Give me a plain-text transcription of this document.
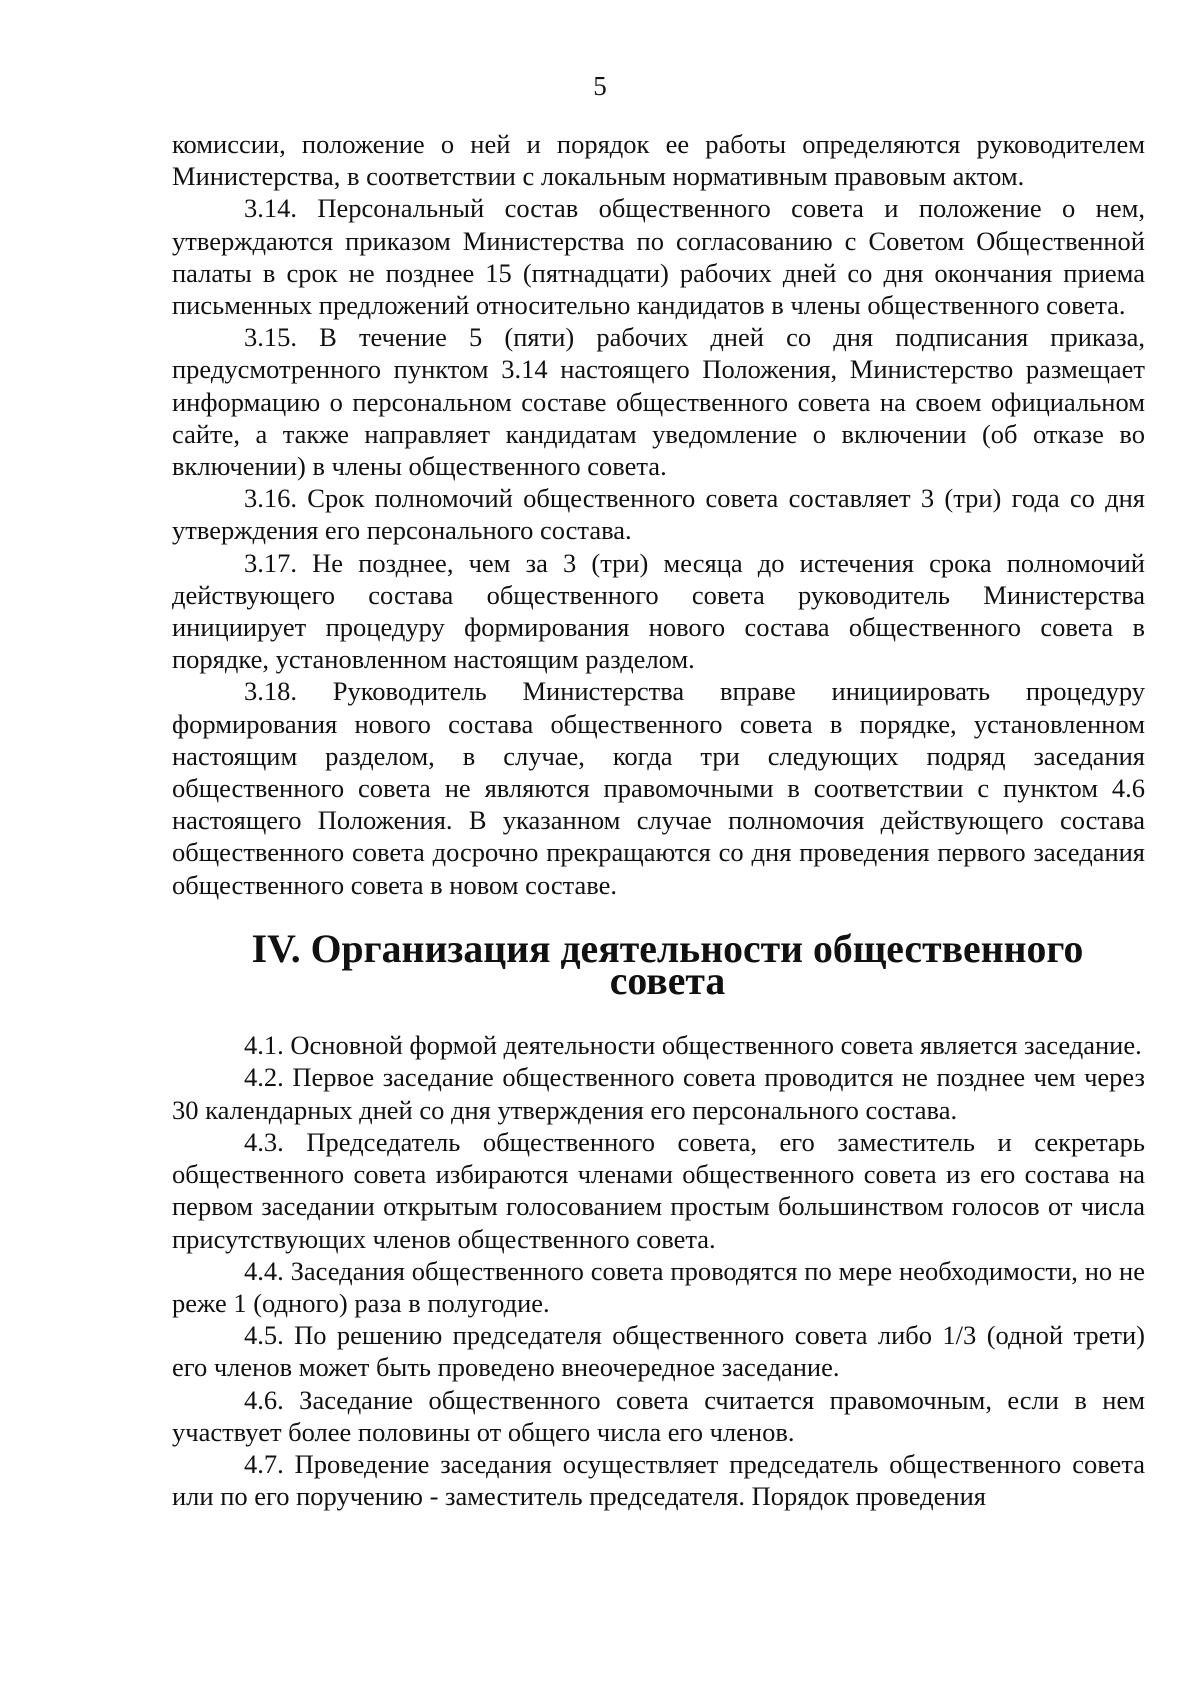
5

комиссии, положение о ней и порядок ее работы определяются руководителем Министерства, в соответствии с локальным нормативным правовым актом.

3.14. Персональный состав общественного совета и положение о нем, утверждаются приказом Министерства по согласованию с Советом Общественной палаты в срок не позднее 15 (пятнадцати) рабочих дней со дня окончания приема письменных предложений относительно кандидатов в члены общественного совета.

3.15. В течение 5 (пяти) рабочих дней со дня подписания приказа, предусмотренного пунктом 3.14 настоящего Положения, Министерство размещает информацию о персональном составе общественного совета на своем официальном сайте, а также направляет кандидатам уведомление о включении (об отказе во включении) в члены общественного совета.

3.16. Срок полномочий общественного совета составляет 3 (три) года со дня утверждения его персонального состава.

3.17. Не позднее, чем за 3 (три) месяца до истечения срока полномочий действующего состава общественного совета руководитель Министерства инициирует процедуру формирования нового состава общественного совета в порядке, установленном настоящим разделом.

3.18. Руководитель Министерства вправе инициировать процедуру формирования нового состава общественного совета в порядке, установленном настоящим разделом, в случае, когда три следующих подряд заседания общественного совета не являются правомочными в соответствии с пунктом 4.6 настоящего Положения. В указанном случае полномочия действующего состава общественного совета досрочно прекращаются со дня проведения первого заседания общественного совета в новом составе.

IV. Организация деятельности общественного совета

4.1. Основной формой деятельности общественного совета является заседание.

4.2. Первое заседание общественного совета проводится не позднее чем через 30 календарных дней со дня утверждения его персонального состава.

4.3. Председатель общественного совета, его заместитель и секретарь общественного совета избираются членами общественного совета из его состава на первом заседании открытым голосованием простым большинством голосов от числа присутствующих членов общественного совета.

4.4. Заседания общественного совета проводятся по мере необходимости, но не реже 1 (одного) раза в полугодие.

4.5. По решению председателя общественного совета либо 1/3 (одной трети) его членов может быть проведено внеочередное заседание.

4.6. Заседание общественного совета считается правомочным, если в нем участвует более половины от общего числа его членов.

4.7. Проведение заседания осуществляет председатель общественного совета или по его поручению - заместитель председателя. Порядок проведения
